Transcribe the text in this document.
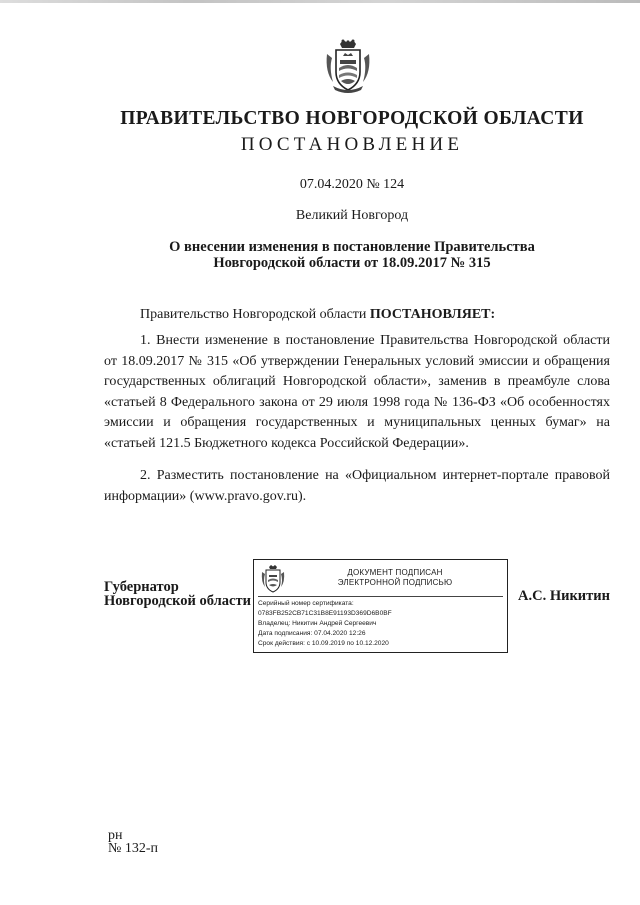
ПРАВИТЕЛЬСТВО НОВГОРОДСКОЙ ОБЛАСТИ
ПОСТАНОВЛЕНИЕ
07.04.2020 № 124
Великий Новгород
О внесении изменения в постановление Правительства
Новгородской области от 18.09.2017 № 315
Правительство Новгородской области ПОСТАНОВЛЯЕТ:
1. Внести изменение в постановление Правительства Новгородской области от 18.09.2017 № 315 «Об утверждении Генеральных условий эмиссии и обращения государственных облигаций Новгородской области», заменив в преамбуле слова «статьей 8 Федерального закона от 29 июля 1998 года № 136-ФЗ «Об особенностях эмиссии и обращения государственных и муниципальных ценных бумаг» на «статьей 121.5 Бюджетного кодекса Российской Федерации».
2. Разместить постановление на «Официальном интернет-портале правовой информации» (www.pravo.gov.ru).
Губернатор
Новгородской области
ДОКУМЕНТ ПОДПИСАН
ЭЛЕКТРОННОЙ ПОДПИСЬЮ
Серийный номер сертификата:
0783FB252CB71C31B8E91193D369D6B0BF
Владелец: Никитин Андрей Сергеевич
Дата подписания: 07.04.2020 12:26
Срок действия: с 10.09.2019 по 10.12.2020
А.С. Никитин
рн
№ 132-п
